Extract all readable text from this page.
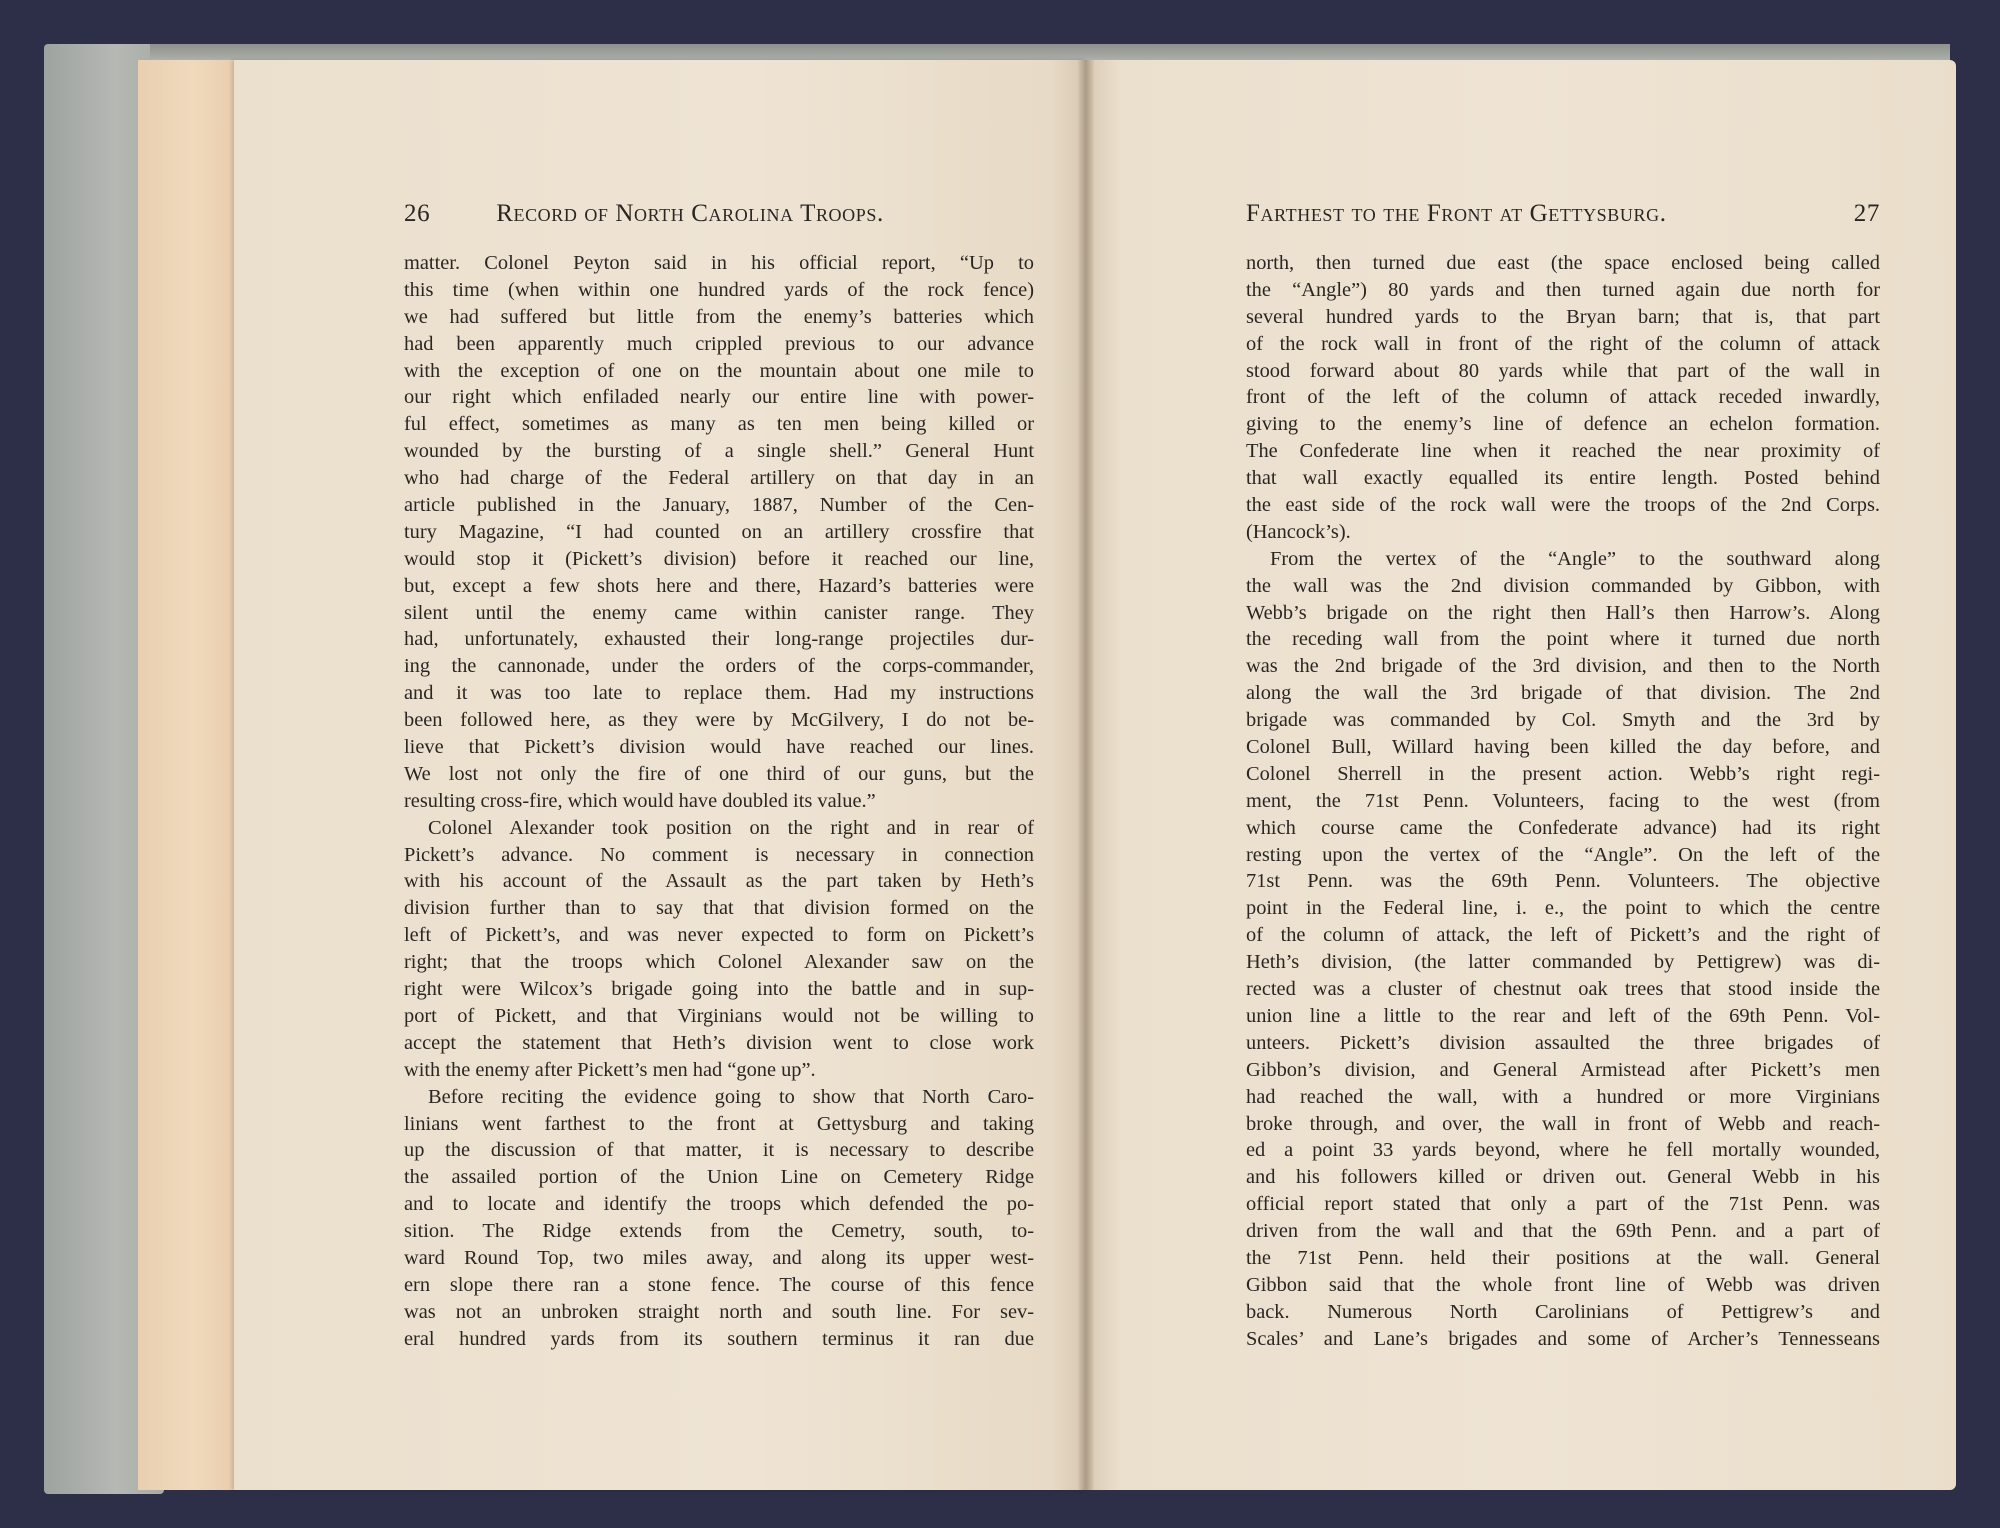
26	Record of North Carolina Troops.
matter. Colonel Peyton said in his official report, “Up to
this time (when within one hundred yards of the rock fence)
we had suffered but little from the enemy’s batteries which
had been apparently much crippled previous to our advance
with the exception of one on the mountain about one mile to
our right which enfiladed nearly our entire line with power-
ful effect, sometimes as many as ten men being killed or
wounded by the bursting of a single shell.” General Hunt
who had charge of the Federal artillery on that day in an
article published in the January, 1887, Number of the Cen-
tury Magazine, “I had counted on an artillery crossfire that
would stop it (Pickett’s division) before it reached our line,
but, except a few shots here and there, Hazard’s batteries were
silent until the enemy came within canister range. They
had, unfortunately, exhausted their long-range projectiles dur-
ing the cannonade, under the orders of the corps-commander,
and it was too late to replace them. Had my instructions
been followed here, as they were by McGilvery, I do not be-
lieve that Pickett’s division would have reached our lines.
We lost not only the fire of one third of our guns, but the
resulting cross-fire, which would have doubled its value.”
Colonel Alexander took position on the right and in rear of
Pickett’s advance. No comment is necessary in connection
with his account of the Assault as the part taken by Heth’s
division further than to say that that division formed on the
left of Pickett’s, and was never expected to form on Pickett’s
right; that the troops which Colonel Alexander saw on the
right were Wilcox’s brigade going into the battle and in sup-
port of Pickett, and that Virginians would not be willing to
accept the statement that Heth’s division went to close work
with the enemy after Pickett’s men had “gone up”.
Before reciting the evidence going to show that North Caro-
linians went farthest to the front at Gettysburg and taking
up the discussion of that matter, it is necessary to describe
the assailed portion of the Union Line on Cemetery Ridge
and to locate and identify the troops which defended the po-
sition. The Ridge extends from the Cemetry, south, to-
ward Round Top, two miles away, and along its upper west-
ern slope there ran a stone fence. The course of this fence
was not an unbroken straight north and south line. For sev-
eral hundred yards from its southern terminus it ran due
Farthest to the Front at Gettysburg.	27
north, then turned due east (the space enclosed being called
the “Angle”) 80 yards and then turned again due north for
several hundred yards to the Bryan barn; that is, that part
of the rock wall in front of the right of the column of attack
stood forward about 80 yards while that part of the wall in
front of the left of the column of attack receded inwardly,
giving to the enemy’s line of defence an echelon formation.
The Confederate line when it reached the near proximity of
that wall exactly equalled its entire length. Posted behind
the east side of the rock wall were the troops of the 2nd Corps.
(Hancock’s).
From the vertex of the “Angle” to the southward along
the wall was the 2nd division commanded by Gibbon, with
Webb’s brigade on the right then Hall’s then Harrow’s. Along
the receding wall from the point where it turned due north
was the 2nd brigade of the 3rd division, and then to the North
along the wall the 3rd brigade of that division. The 2nd
brigade was commanded by Col. Smyth and the 3rd by
Colonel Bull, Willard having been killed the day before, and
Colonel Sherrell in the present action. Webb’s right regi-
ment, the 71st Penn. Volunteers, facing to the west (from
which course came the Confederate advance) had its right
resting upon the vertex of the “Angle”. On the left of the
71st Penn. was the 69th Penn. Volunteers. The objective
point in the Federal line, i. e., the point to which the centre
of the column of attack, the left of Pickett’s and the right of
Heth’s division, (the latter commanded by Pettigrew) was di-
rected was a cluster of chestnut oak trees that stood inside the
union line a little to the rear and left of the 69th Penn. Vol-
unteers. Pickett’s division assaulted the three brigades of
Gibbon’s division, and General Armistead after Pickett’s men
had reached the wall, with a hundred or more Virginians
broke through, and over, the wall in front of Webb and reach-
ed a point 33 yards beyond, where he fell mortally wounded,
and his followers killed or driven out. General Webb in his
official report stated that only a part of the 71st Penn. was
driven from the wall and that the 69th Penn. and a part of
the 71st Penn. held their positions at the wall. General
Gibbon said that the whole front line of Webb was driven
back. Numerous North Carolinians of Pettigrew’s and
Scales’ and Lane’s brigades and some of Archer’s Tennesseans
